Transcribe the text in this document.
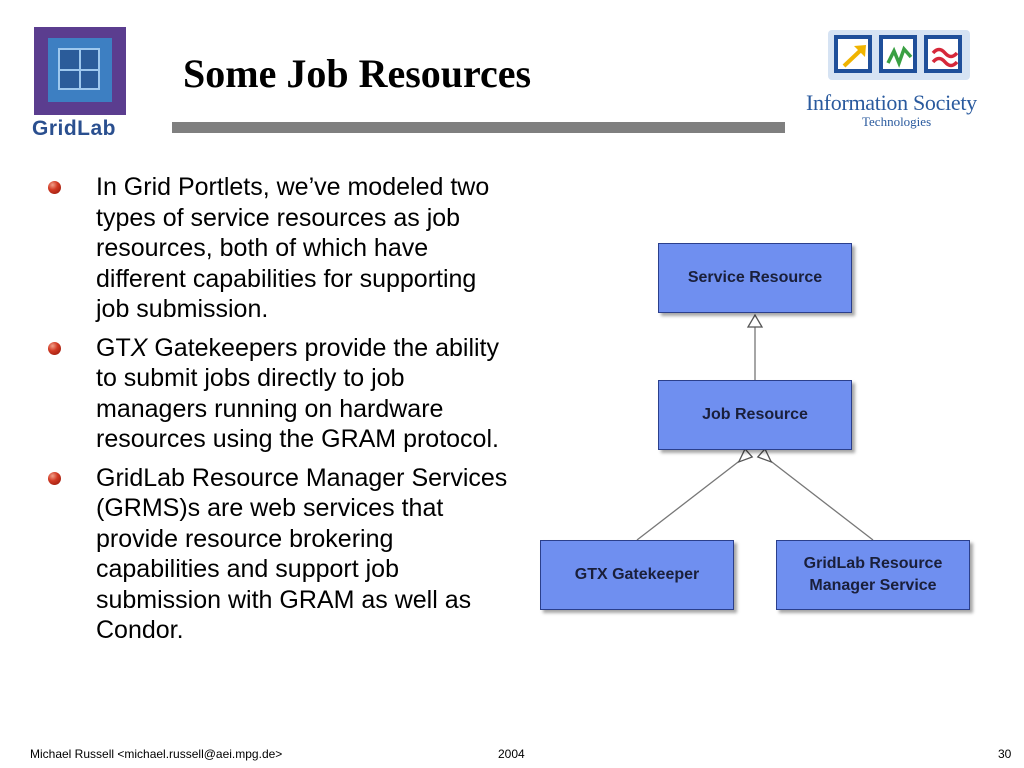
GridLab
Some Job Resources
Information Society
Technologies
In Grid Portlets, we’ve modeled two types of service resources as job resources, both of which have different capabilities for supporting job submission.
GTX Gatekeepers provide the ability to submit jobs directly to job managers running on hardware resources using the GRAM protocol.
GridLab Resource Manager Services (GRMS)s are web services that provide resource brokering capabilities and support job submission with GRAM as well as Condor.
Service Resource
Job Resource
GTX Gatekeeper
GridLab Resource
Manager Service
Michael Russell <michael.russell@aei.mpg.de>	2004	30
